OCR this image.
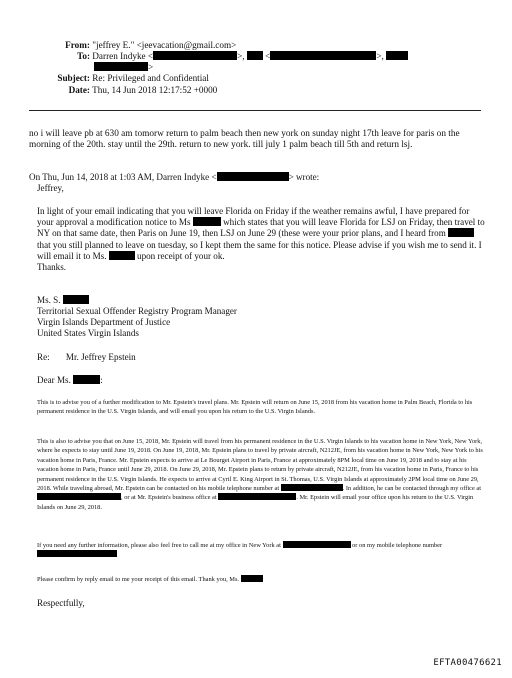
From: "jeffrey E." <jeevacation@gmail.com>
To: Darren Indyke <	>,  <	>,
>
Subject: Re: Privileged and Confidential
Date: Thu, 14 Jun 2018 12:17:52 +0000
no i will leave pb at 630 am tomorw return to palm beach then new york on sunday night 17th leave for paris on the morning of the 20th. stay until the 29th. return to new york. till july 1 palm beach till 5th and return lsj.
On Thu, Jun 14, 2018 at 1:03 AM, Darren Indyke <	> wrote:
Jeffrey,
In light of your email indicating that you will leave Florida on Friday if the weather remains awful, I have prepared for your approval a modification notice to Ms	which states that you will leave Florida for LSJ on Friday, then travel to NY on that same date, then Paris on June 19, then LSJ on June 29 (these were your prior plans, and I heard from  that you still planned to leave on tuesday, so I kept them the same for this notice. Please advise if you wish me to send it. I will email it to Ms.	upon receipt of your ok.
Thanks.
Ms. S.
Territorial Sexual Offender Registry Program Manager
Virgin Islands Department of Justice
United States Virgin Islands
Re: Mr. Jeffrey Epstein
Dear Ms.	:
This is to advise you of a further modification to Mr. Epstein's travel plans. Mr. Epstein will return on June 15, 2018 from his vacation home in Palm Beach, Florida to his permanent residence in the U.S. Virgin Islands, and will email you upon his return to the U.S. Virgin Islands.
This is also to advise you that on June 15, 2018, Mr. Epstein will travel from his permanent residence in the U.S. Virgin Islands to his vacation home in New York, New York, where he expects to stay until June 19, 2018. On June 19, 2018, Mr. Epstein plans to travel by private aircraft, N212JE, from his vacation home in New York, New York to his vacation home in Paris, France. Mr. Epstein expects to arrive at Le Bourget Airport in Paris, France at approximately 8PM local time on June 19, 2018 and to stay at his vacation home in Paris, France until June 29, 2018. On June 29, 2018, Mr. Epstein plans to return by private aircraft, N212JE, from his vacation home in Paris, France to his permanent residence in the U.S. Virgin Islands. He expects to arrive at Cyril E. King Airport in St. Thomas, U.S. Virgin Islands at approximately 2PM local time on June 29, 2018. While traveling abroad, Mr. Epstein can be contacted on his mobile telephone number at	. In addition, he can be contacted through my office at , or at Mr. Epstein's business office at	. Mr. Epstein will email your office upon his return to the U.S. Virgin Islands on June 29, 2018.
If you need any further information, please also feel free to call me at my office in New York at	or on my mobile telephone number
Please confirm by reply email to me your receipt of this email. Thank you, Ms.
Respectfully,
EFTA00476621
